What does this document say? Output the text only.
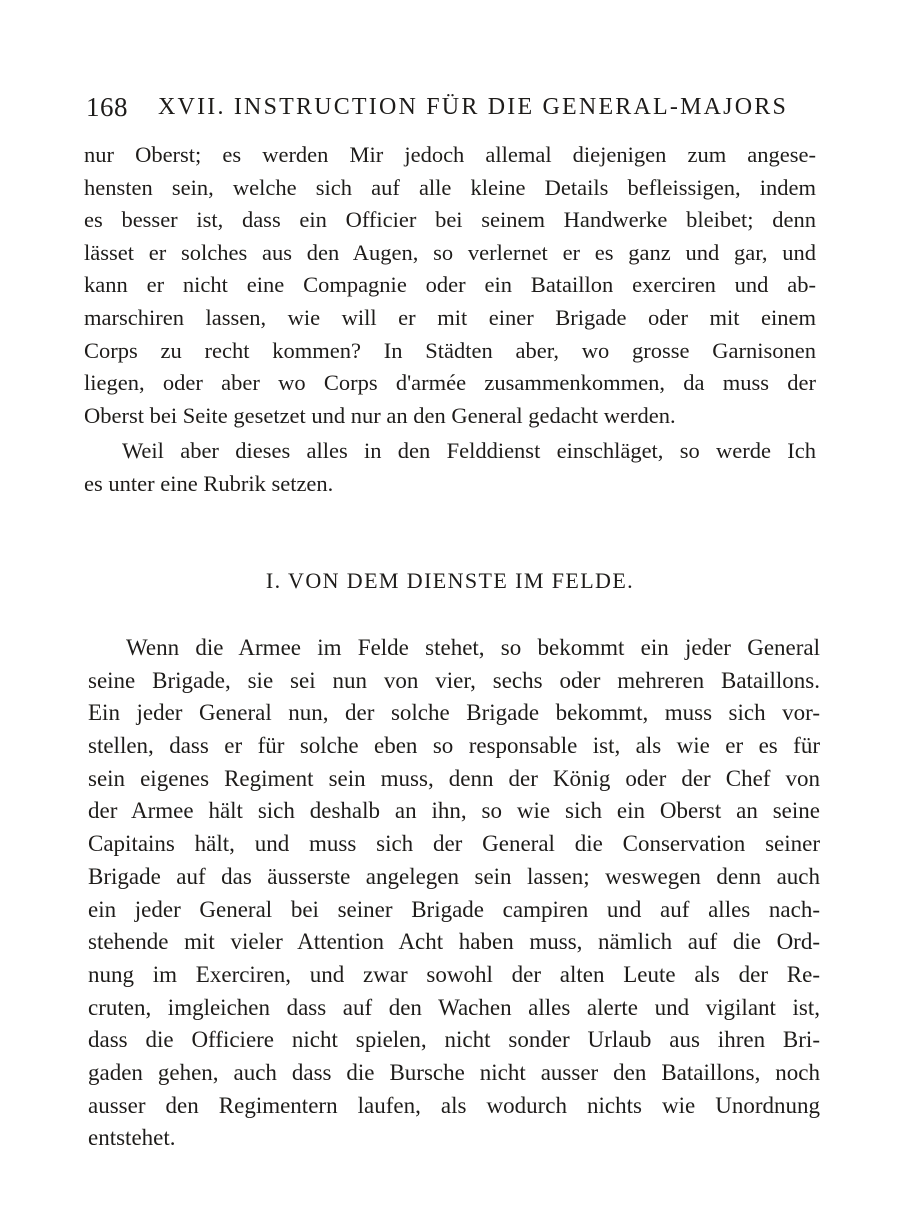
168 XVII. INSTRUCTION FÜR DIE GENERAL-MAJORS
nur Oberst; es werden Mir jedoch allemal diejenigen zum angese-
hensten sein, welche sich auf alle kleine Details befleissigen, indem
es besser ist, dass ein Officier bei seinem Handwerke bleibet; denn
lässet er solches aus den Augen, so verlernet er es ganz und gar, und
kann er nicht eine Compagnie oder ein Bataillon exerciren und ab-
marschiren lassen, wie will er mit einer Brigade oder mit einem
Corps zu recht kommen? In Städten aber, wo grosse Garnisonen
liegen, oder aber wo Corps d'armée zusammenkommen, da muss der
Oberst bei Seite gesetzet und nur an den General gedacht werden.
Weil aber dieses alles in den Felddienst einschläget, so werde Ich
es unter eine Rubrik setzen.
I. VON DEM DIENSTE IM FELDE.
Wenn die Armee im Felde stehet, so bekommt ein jeder General
seine Brigade, sie sei nun von vier, sechs oder mehreren Bataillons.
Ein jeder General nun, der solche Brigade bekommt, muss sich vor-
stellen, dass er für solche eben so responsable ist, als wie er es für
sein eigenes Regiment sein muss, denn der König oder der Chef von
der Armee hält sich deshalb an ihn, so wie sich ein Oberst an seine
Capitains hält, und muss sich der General die Conservation seiner
Brigade auf das äusserste angelegen sein lassen; weswegen denn auch
ein jeder General bei seiner Brigade campiren und auf alles nach-
stehende mit vieler Attention Acht haben muss, nämlich auf die Ord-
nung im Exerciren, und zwar sowohl der alten Leute als der Re-
cruten, imgleichen dass auf den Wachen alles alerte und vigilant ist,
dass die Officiere nicht spielen, nicht sonder Urlaub aus ihren Bri-
gaden gehen, auch dass die Bursche nicht ausser den Bataillons, noch
ausser den Regimentern laufen, als wodurch nichts wie Unordnung
entstehet.
